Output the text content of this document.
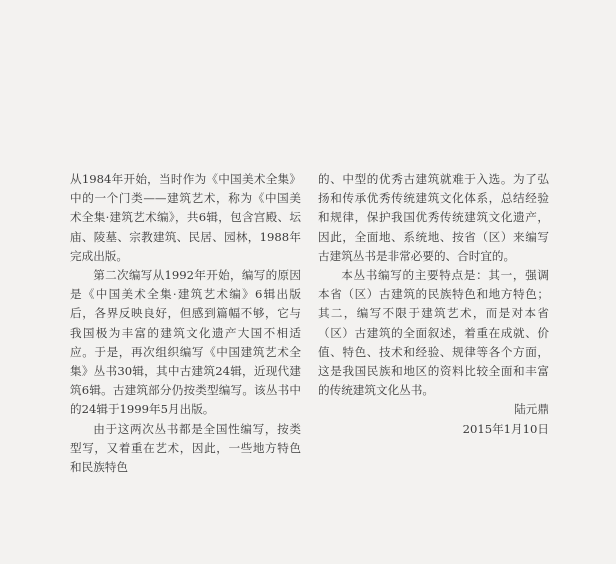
从1984年开始，当时作为《中国美术全集》中的一个门类——建筑艺术，称为《中国美术全集·建筑艺术编》，共6辑，包含宫殿、坛庙、陵墓、宗教建筑、民居、园林，1988年完成出版。

第二次编写从1992年开始，编写的原因是《中国美术全集·建筑艺术编》6辑出版后，各界反映良好，但感到篇幅不够，它与我国极为丰富的建筑文化遗产大国不相适应。于是，再次组织编写《中国建筑艺术全集》丛书30辑，其中古建筑24辑，近现代建筑6辑。古建筑部分仍按类型编写。该丛书中的24辑于1999年5月出版。

由于这两次丛书都是全国性编写，按类型写，又着重在艺术，因此，一些地方特色和民族特色

的、中型的优秀古建筑就难于入选。为了弘扬和传承优秀传统建筑文化体系，总结经验和规律，保护我国优秀传统建筑文化遗产，因此，全面地、系统地、按省（区）来编写古建筑丛书是非常必要的、合时宜的。

本丛书编写的主要特点是：其一，强调本省（区）古建筑的民族特色和地方特色；其二，编写不限于建筑艺术，而是对本省（区）古建筑的全面叙述，着重在成就、价值、特色、技术和经验、规律等各个方面，这是我国民族和地区的资料比较全面和丰富的传统建筑文化丛书。

陆元鼎

2015年1月10日
